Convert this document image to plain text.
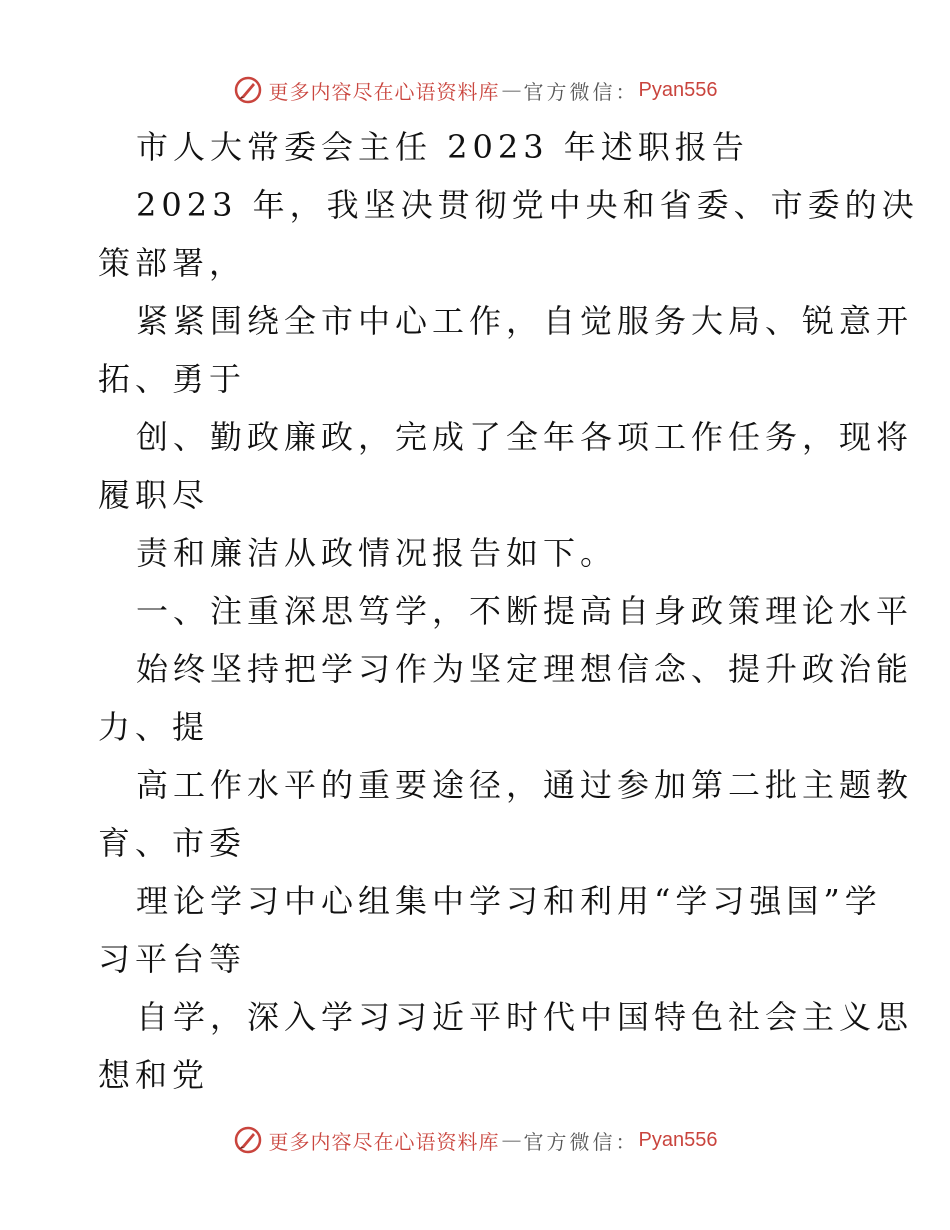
更多内容尽在心语资料库 — 官方微信： Pyan556
市人大常委会主任 2023 年述职报告
2023 年，我坚决贯彻党中央和省委、市委的决
策部署，
紧紧围绕全市中心工作，自觉服务大局、锐意开
拓、勇于
创、勤政廉政，完成了全年各项工作任务，现将
履职尽
责和廉洁从政情况报告如下。
一、注重深思笃学，不断提高自身政策理论水平
始终坚持把学习作为坚定理想信念、提升政治能
力、提
高工作水平的重要途径，通过参加第二批主题教
育、市委
理论学习中心组集中学习和利用“学习强国”学
习平台等
自学，深入学习习近平时代中国特色社会主义思
想和党
更多内容尽在心语资料库 — 官方微信： Pyan556
